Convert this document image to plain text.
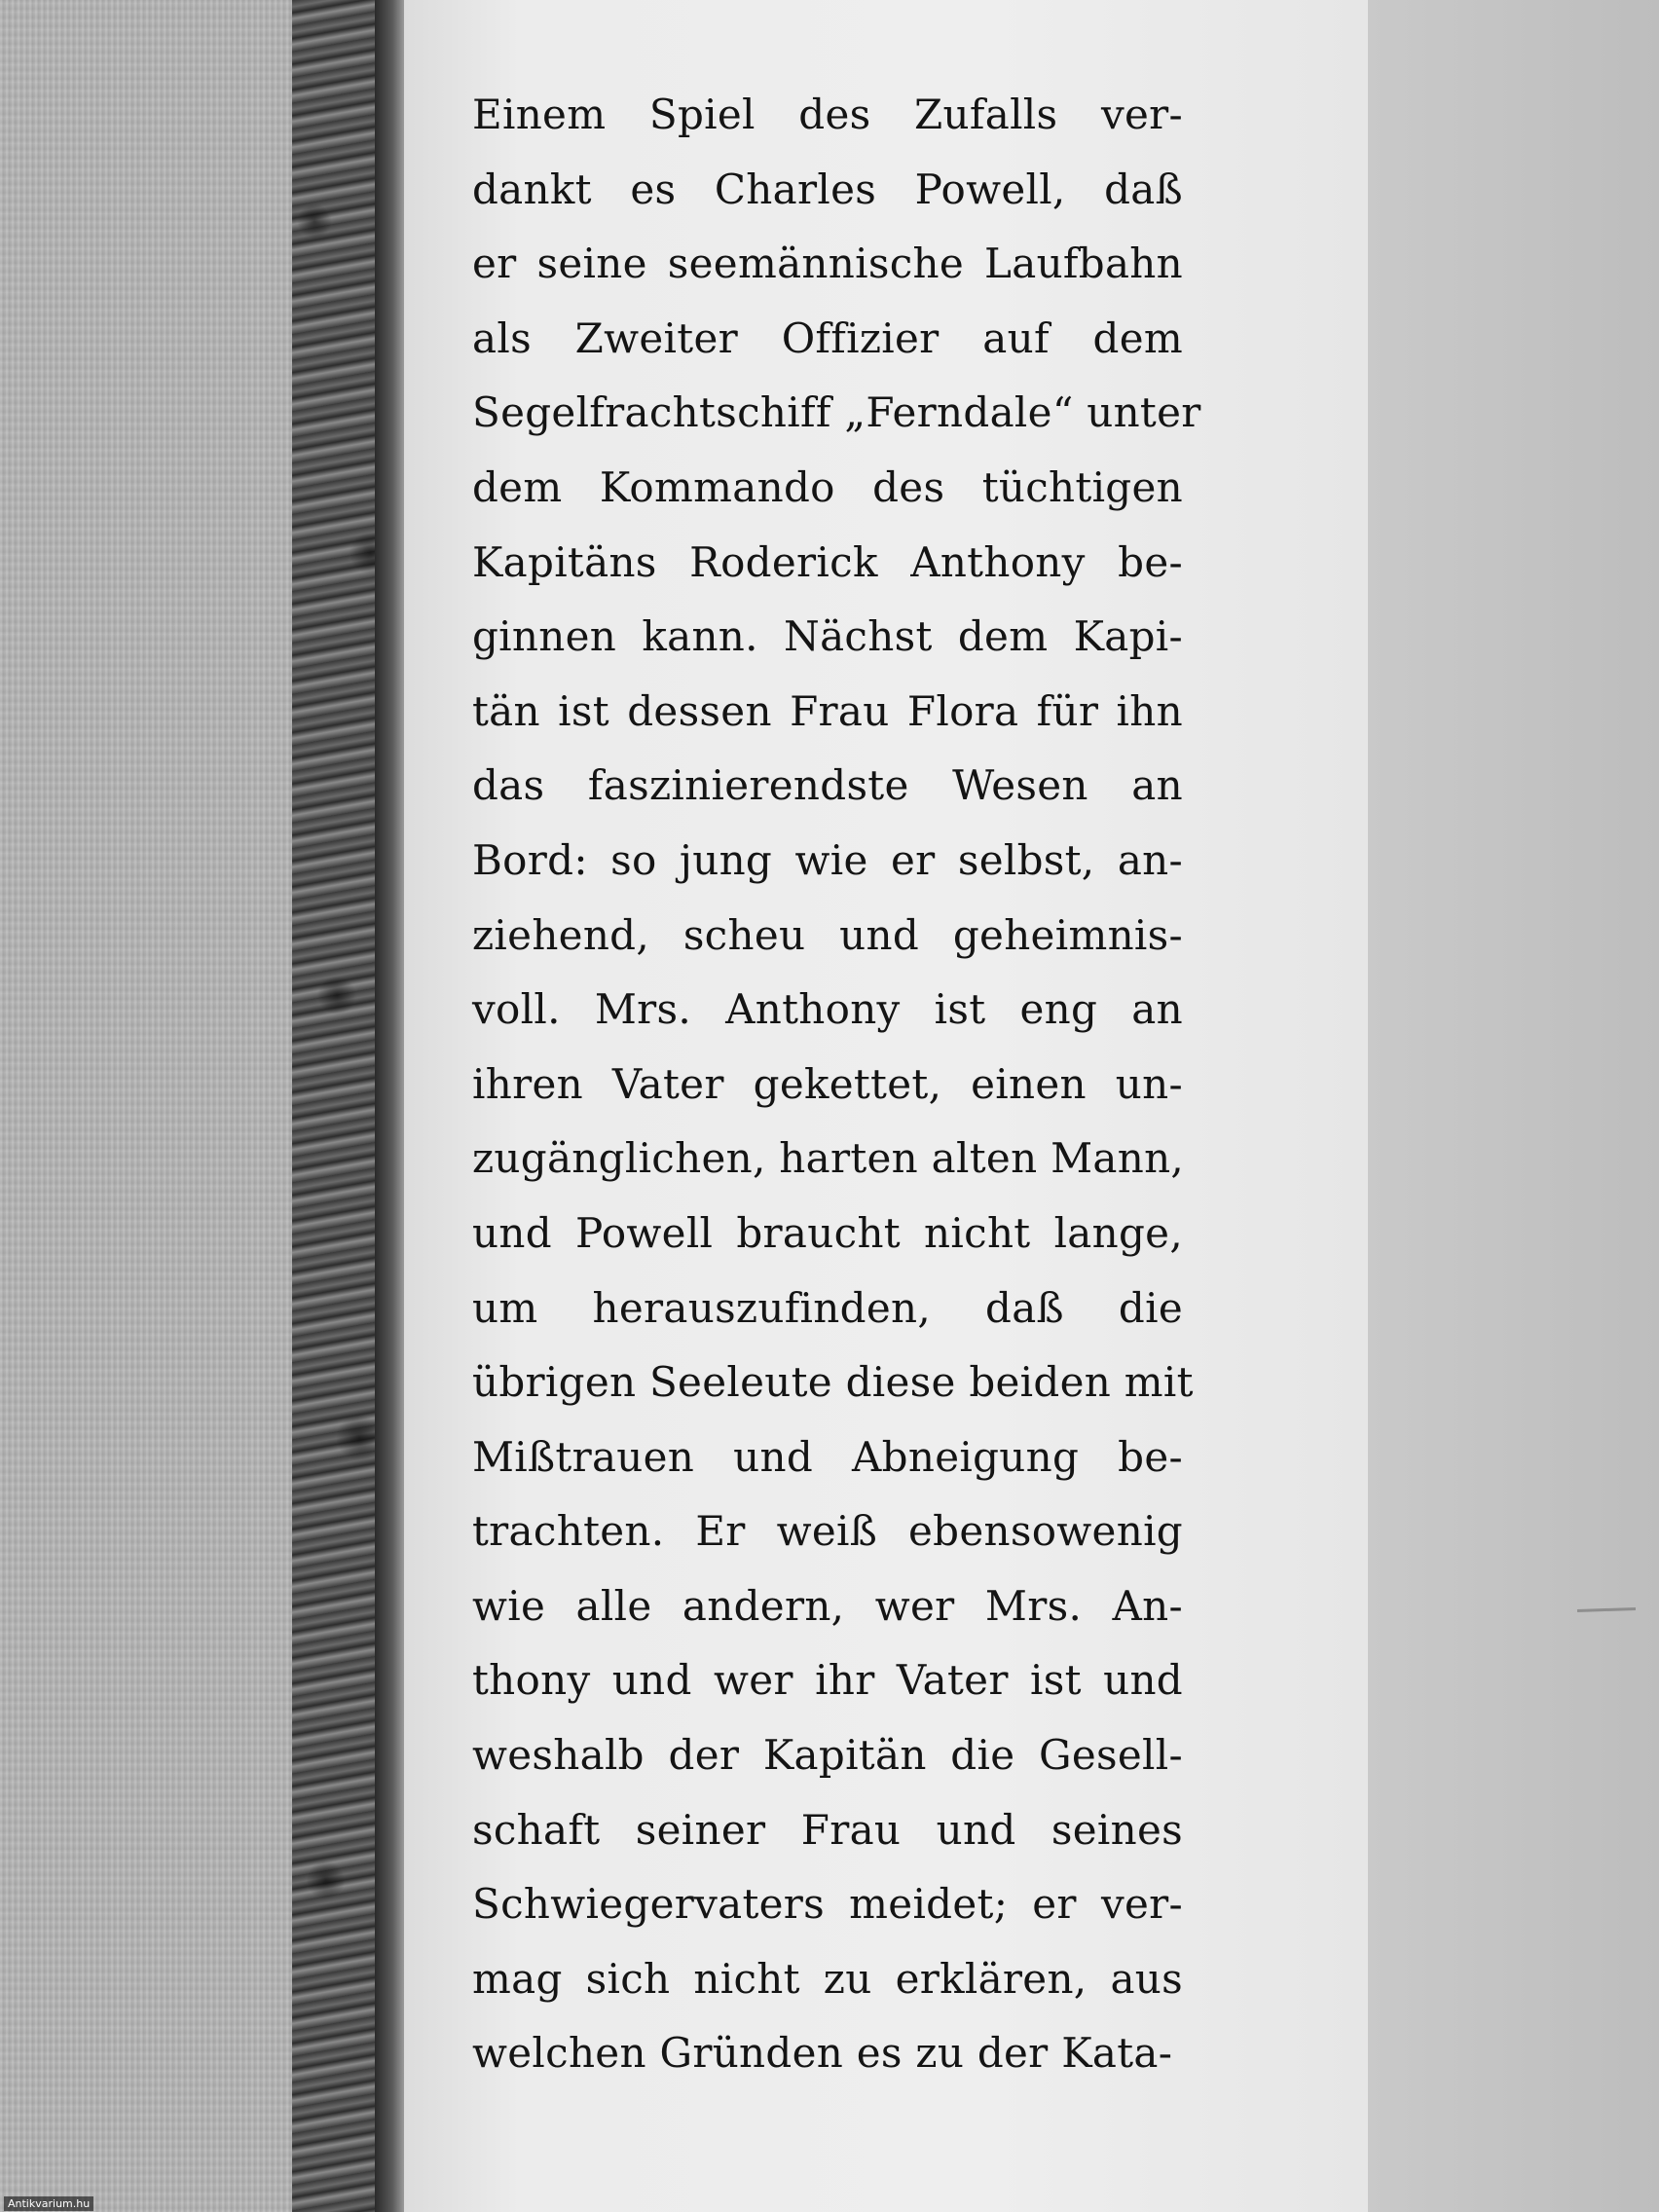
Einem Spiel des Zufalls ver-
dankt es Charles Powell, daß
er seine seemännische Laufbahn
als Zweiter Offizier auf dem
Segelfrachtschiff „Ferndale“ unter
dem Kommando des tüchtigen
Kapitäns Roderick Anthony be-
ginnen kann. Nächst dem Kapi-
tän ist dessen Frau Flora für ihn
das faszinierendste Wesen an
Bord: so jung wie er selbst, an-
ziehend, scheu und geheimnis-
voll. Mrs. Anthony ist eng an
ihren Vater gekettet, einen un-
zugänglichen, harten alten Mann,
und Powell braucht nicht lange,
um herauszufinden, daß die
übrigen Seeleute diese beiden mit
Mißtrauen und Abneigung be-
trachten. Er weiß ebensowenig
wie alle andern, wer Mrs. An-
thony und wer ihr Vater ist und
weshalb der Kapitän die Gesell-
schaft seiner Frau und seines
Schwiegervaters meidet; er ver-
mag sich nicht zu erklären, aus
welchen Gründen es zu der Kata-
Antikvarium.hu
